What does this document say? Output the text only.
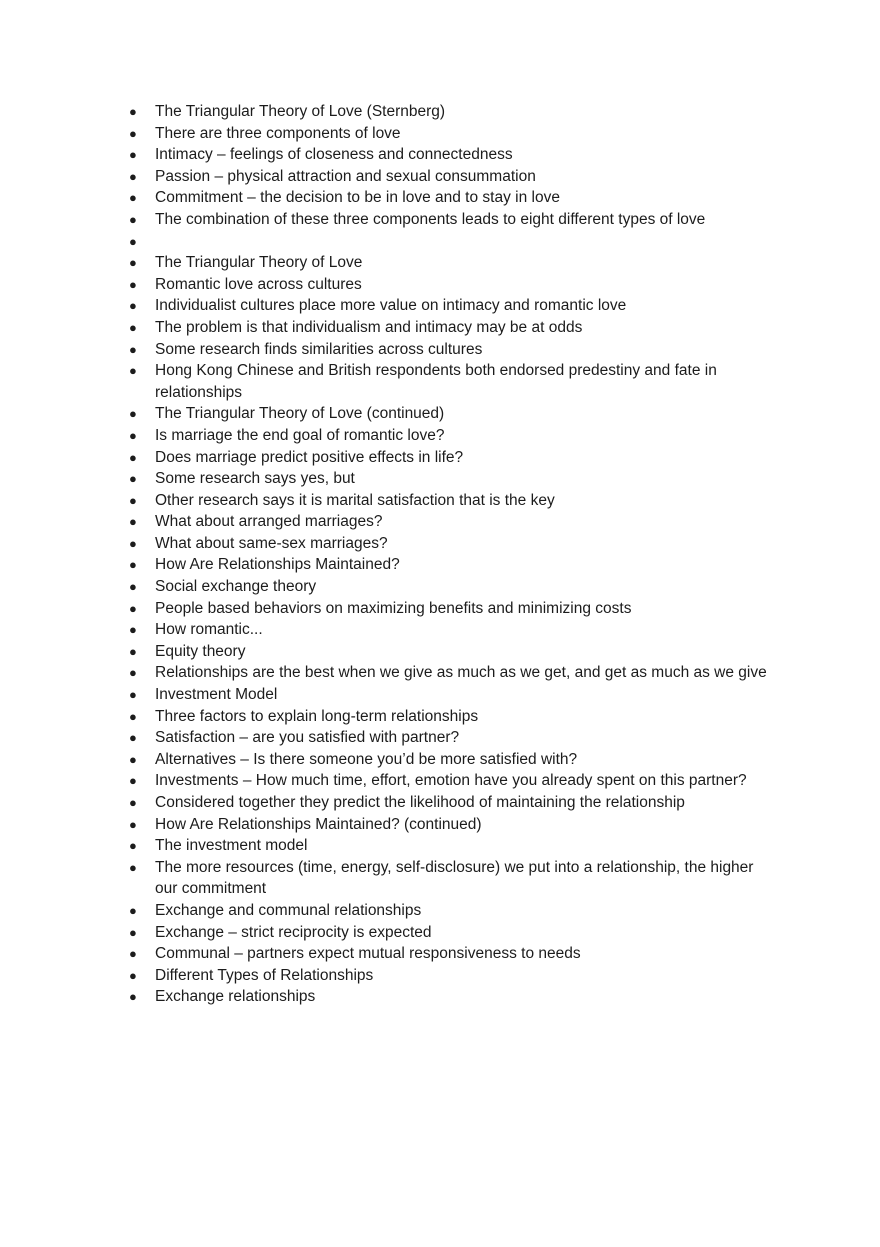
●	The Triangular Theory of Love (Sternberg)
●	There are three components of love
●	Intimacy – feelings of closeness and connectedness
●	Passion – physical attraction and sexual consummation
●	Commitment – the decision to be in love and to stay in love
●	The combination of these three components leads to eight different types of love
●
●	The Triangular Theory of Love
●	Romantic love across cultures
●	Individualist cultures place more value on intimacy and romantic love
●	The problem is that individualism and intimacy may be at odds
●	Some research finds similarities across cultures
●	Hong Kong Chinese and British respondents both endorsed predestiny and fate in relationships
●	The Triangular Theory of Love (continued)
●	Is marriage the end goal of romantic love?
●	Does marriage predict positive effects in life?
●	Some research says yes, but
●	Other research says it is marital satisfaction that is the key
●	What about arranged marriages?
●	What about same-sex marriages?
●	How Are Relationships Maintained?
●	Social exchange theory
●	People based behaviors on maximizing benefits and minimizing costs
●	How romantic...
●	Equity theory
●	Relationships are the best when we give as much as we get, and get as much as we give
●	Investment Model
●	Three factors to explain long-term relationships
●	Satisfaction – are you satisfied with partner?
●	Alternatives – Is there someone you’d be more satisfied with?
●	Investments – How much time, effort, emotion have you already spent on this partner?
●	Considered together they predict the likelihood of maintaining the relationship
●	How Are Relationships Maintained? (continued)
●	The investment model
●	The more resources (time, energy, self-disclosure) we put into a relationship, the higher our commitment
●	Exchange and communal relationships
●	Exchange – strict reciprocity is expected
●	Communal – partners expect mutual responsiveness to needs
●	Different Types of Relationships
●	Exchange relationships
